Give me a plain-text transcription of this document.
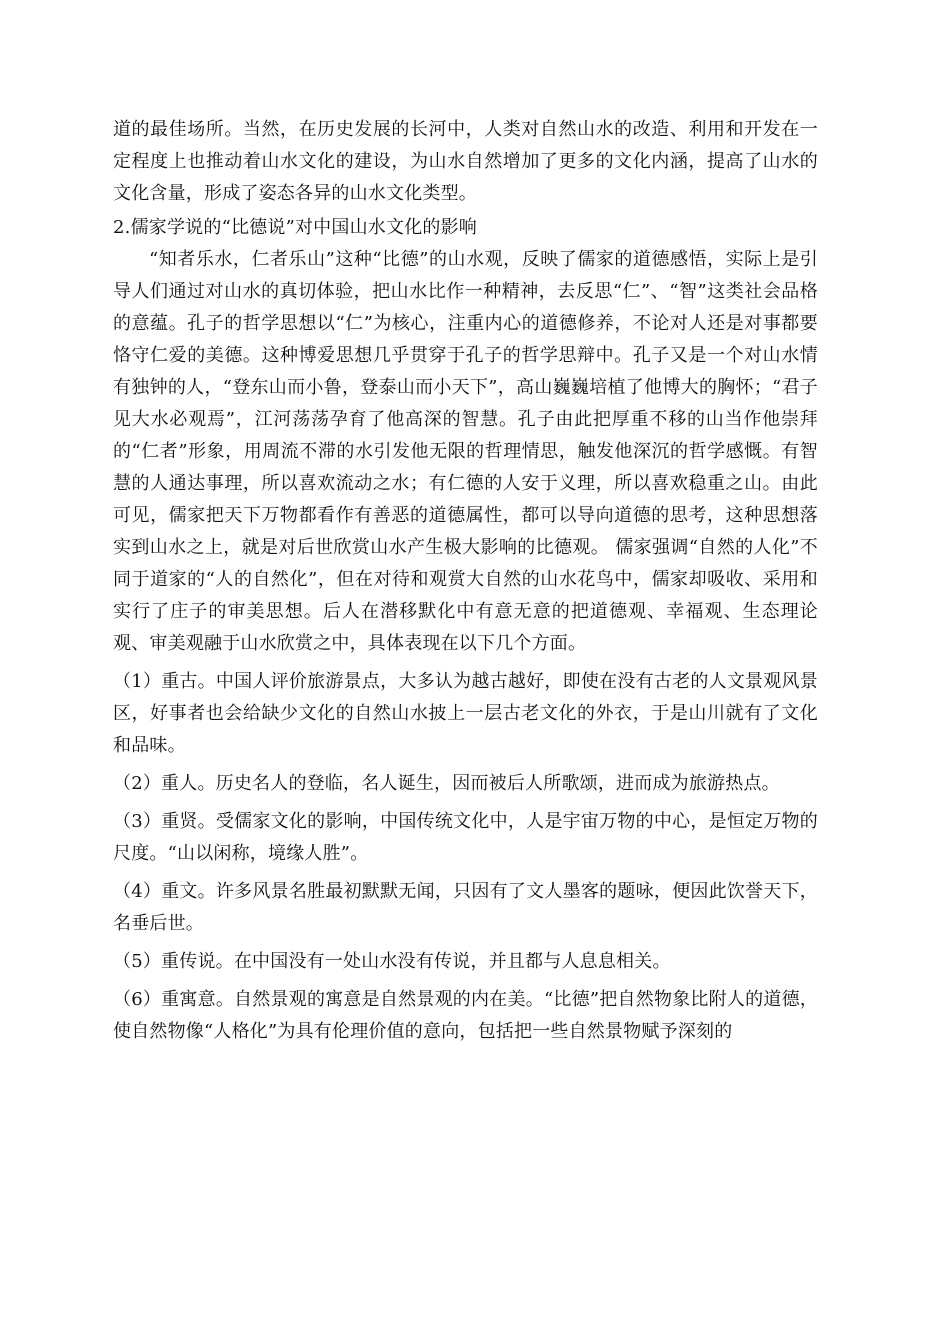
道的最佳场所。当然，在历史发展的长河中，人类对自然山水的改造、利用和开发在一定程度上也推动着山水文化的建设，为山水自然增加了更多的文化内涵，提高了山水的文化含量，形成了姿态各异的山水文化类型。

2.儒家学说的“比德说”对中国山水文化的影响

“知者乐水，仁者乐山”这种“比德”的山水观，反映了儒家的道德感悟，实际上是引导人们通过对山水的真切体验，把山水比作一种精神，去反思“仁”、“智”这类社会品格的意蕴。孔子的哲学思想以“仁”为核心，注重内心的道德修养，不论对人还是对事都要恪守仁爱的美德。这种博爱思想几乎贯穿于孔子的哲学思辩中。孔子又是一个对山水情有独钟的人，“登东山而小鲁，登泰山而小天下”，高山巍巍培植了他博大的胸怀；“君子见大水必观焉”，江河荡荡孕育了他高深的智慧。孔子由此把厚重不移的山当作他崇拜的“仁者”形象，用周流不滞的水引发他无限的哲理情思，触发他深沉的哲学感慨。有智慧的人通达事理，所以喜欢流动之水；有仁德的人安于义理，所以喜欢稳重之山。由此可见，儒家把天下万物都看作有善恶的道德属性，都可以导向道德的思考，这种思想落实到山水之上，就是对后世欣赏山水产生极大影响的比德观。 儒家强调“自然的人化”不同于道家的“人的自然化”，但在对待和观赏大自然的山水花鸟中，儒家却吸收、采用和实行了庄子的审美思想。后人在潜移默化中有意无意的把道德观、幸福观、生态理论观、审美观融于山水欣赏之中，具体表现在以下几个方面。

（1）重古。中国人评价旅游景点，大多认为越古越好，即使在没有古老的人文景观风景区，好事者也会给缺少文化的自然山水披上一层古老文化的外衣，于是山川就有了文化和品味。

（2）重人。历史名人的登临，名人诞生，因而被后人所歌颂，进而成为旅游热点。

（3）重贤。受儒家文化的影响，中国传统文化中，人是宇宙万物的中心，是恒定万物的尺度。“山以闲称，境缘人胜”。

（4）重文。许多风景名胜最初默默无闻，只因有了文人墨客的题咏，便因此饮誉天下，名垂后世。

（5）重传说。在中国没有一处山水没有传说，并且都与人息息相关。

（6）重寓意。自然景观的寓意是自然景观的内在美。“比德”把自然物象比附人的道德，使自然物像“人格化”为具有伦理价值的意向，包括把一些自然景物赋予深刻的
